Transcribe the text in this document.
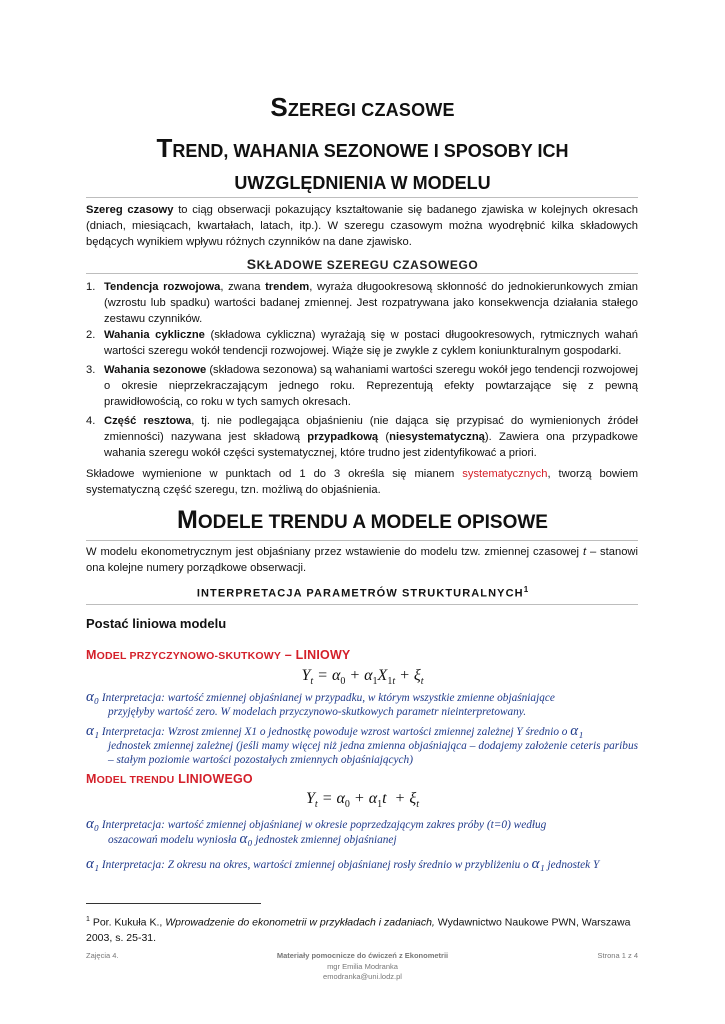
SZEREGI CZASOWE
TREND, WAHANIA SEZONOWE I SPOSOBY ICH
UWZGLĘDNIENIA W MODELU
Szereg czasowy to ciąg obserwacji pokazujący kształtowanie się badanego zjawiska w kolejnych okresach (dniach, miesiącach, kwartałach, latach, itp.). W szeregu czasowym można wyodrębnić kilka składowych będących wynikiem wpływu różnych czynników na dane zjawisko.
SKŁADOWE SZEREGU CZASOWEGO
1. Tendencja rozwojowa, zwana trendem, wyraża długookresową skłonność do jednokierunkowych zmian (wzrostu lub spadku) wartości badanej zmiennej. Jest rozpatrywana jako konsekwencja działania stałego zestawu czynników.
2. Wahania cykliczne (składowa cykliczna) wyrażają się w postaci długookresowych, rytmicznych wahań wartości szeregu wokół tendencji rozwojowej. Wiąże się je zwykle z cyklem koniunkturalnym gospodarki.
3. Wahania sezonowe (składowa sezonowa) są wahaniami wartości szeregu wokół jego tendencji rozwojowej o okresie nieprzekraczającym jednego roku. Reprezentują efekty powtarzające się z pewną prawidłowością, co roku w tych samych okresach.
4. Część resztowa, tj. nie podlegająca objaśnieniu (nie dająca się przypisać do wymienionych źródeł zmienności) nazywana jest składową przypadkową (niesystematyczną). Zawiera ona przypadkowe wahania szeregu wokół części systematycznej, które trudno jest zidentyfikować a priori.
Składowe wymienione w punktach od 1 do 3 określa się mianem systematycznych, tworzą bowiem systematyczną część szeregu, tzn. możliwą do objaśnienia.
MODELE TRENDU A MODELE OPISOWE
W modelu ekonometrycznym jest objaśniany przez wstawienie do modelu tzw. zmiennej czasowej t – stanowi ona kolejne numery porządkowe obserwacji.
INTERPRETACJA PARAMETRÓW STRUKTURALNYCH$^1$
Postać liniowa modelu
MODEL PRZYCZYNOWO-SKUTKOWY – LINIOWY
$Y_t = \alpha_0 + \alpha_1X_{1t} + \xi_t$
α₀ Interpretacja: wartość zmiennej objaśnianej w przypadku, w którym wszystkie zmienne objaśniające
przyjęłyby wartość zero. W modelach przyczynowo-skutkowych parametr nieinterpretowany.
α₁ Interpretacja: Wzrost zmiennej X1 o jednostkę powoduje wzrost wartości zmiennej zależnej Y średnio o α₁
jednostek zmiennej zależnej (jeśli mamy więcej niż jedna zmienna objaśniająca – dodajemy założenie ceteris paribus – stałym poziomie wartości pozostałych zmiennych objaśniających)
MODEL TRENDU LINIOWEGO
$Y_t = \alpha_0 + \alpha_1t + \xi_t$
α₀ Interpretacja: wartość zmiennej objaśnianej w okresie poprzedzającym zakres próby (t=0) według
oszacowań modelu wyniosła α₀ jednostek zmiennej objaśnianej
α₁ Interpretacja: Z okresu na okres, wartości zmiennej objaśnianej rosły średnio w przybliżeniu o α₁ jednostek Y
$^1$ Por. Kukuła K., Wprowadzenie do ekonometrii w przykładach i zadaniach, Wydawnictwo Naukowe PWN, Warszawa 2003, s. 25-31.
Zajęcia 4.	Materiały pomocnicze do ćwiczeń z Ekonometrii
mgr Emilia Modranka
emodranka@uni.lodz.pl
Strona 1 z 4
